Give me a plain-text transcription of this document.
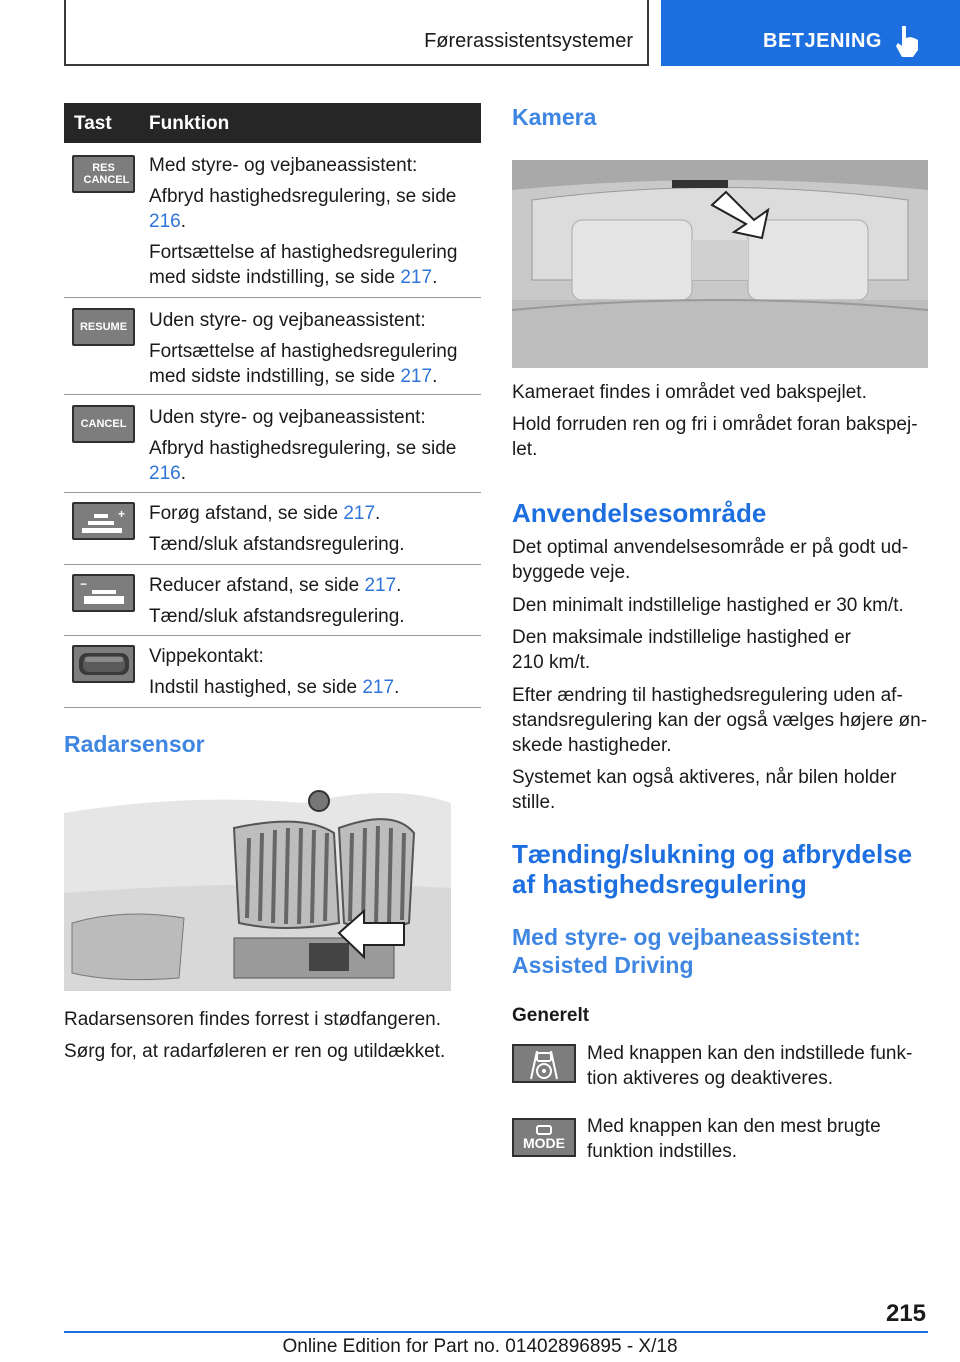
Førerassistentsystemer	BETJENING
Tast Funktion
RES CANCEL

Med styre- og vejbaneassistent:

Afbryd hastighedsregulering, se side 216.

Fortsættelse af hastighedsregulering med sidste indstilling, se side 217.

RESUME Uden styre- og vejbaneassistent:

Fortsættelse af hastighedsregulering med sidste indstilling, se side 217.

CANCEL Uden styre- og vejbaneassistent:

Afbryd hastighedsregulering, se side 216.

+ Forøg afstand, se side 217.

Tænd/sluk afstandsregulering.

−	Reducer afstand, se side 217.

Tænd/sluk afstandsregulering.

Vippekontakt:

Indstil hastighed, se side 217.

Radarsensor
Radarsensoren findes forrest i stødfangeren.
Sørg for, at radarføleren er ren og utildækket.
Kamera
Kameraet findes i området ved bakspejlet.
Hold forruden ren og fri i området foran bakspej-let.
Anvendelsesområde
Det optimal anvendelsesområde er på godt ud-byggede veje.
Den minimalt indstillelige hastighed er 30 km/t.
Den maksimale indstillelige hastighed er
210 km/t.
Efter ændring til hastighedsregulering uden af-standsregulering kan der også vælges højere øn-skede hastigheder.
Systemet kan også aktiveres, når bilen holder stille.
Tænding/slukning og afbrydelse af hastighedsregulering
Med styre- og vejbaneassistent: Assisted Driving
Generelt
Med knappen kan den indstillede funk-tion aktiveres og deaktiveres.
MODE
Med knappen kan den mest brugte funktion indstilles.
215
Online Edition for Part no. 01402896895 - X/18
